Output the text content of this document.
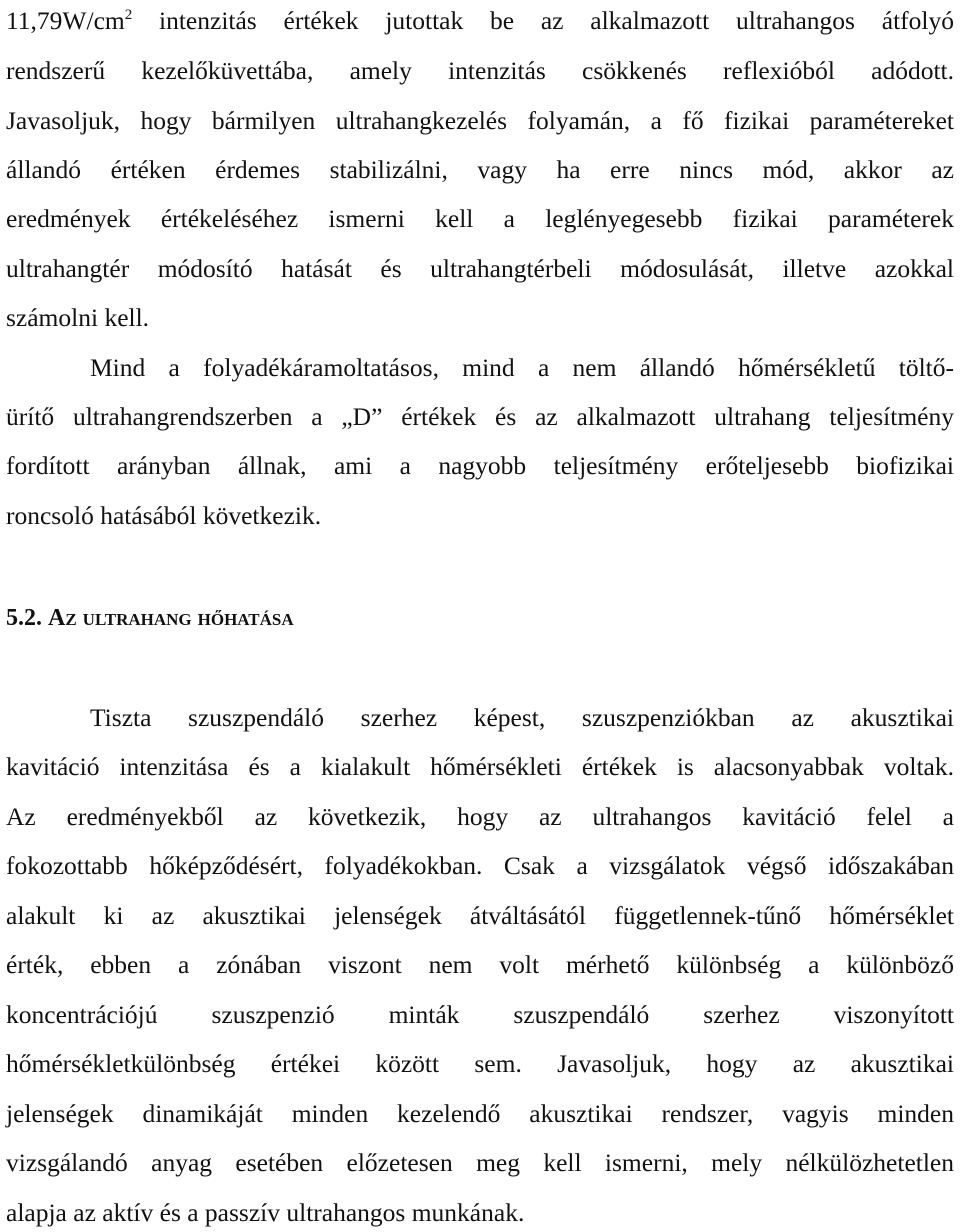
$11,79W/cm^2$ intenzitás értékek jutottak be az alkalmazott ultrahangos átfolyó
rendszerű kezelőküvettába, amely intenzitás csökkenés reflexióból adódott.
Javasoljuk, hogy bármilyen ultrahangkezelés folyamán, a fő fizikai paramétereket
állandó értéken érdemes stabilizálni, vagy ha erre nincs mód, akkor az
eredmények értékeléséhez ismerni kell a leglényegesebb fizikai paraméterek
ultrahangtér módosító hatását és ultrahangtérbeli módosulását, illetve azokkal
számolni kell.
Mind a folyadékáramoltatásos, mind a nem állandó hőmérsékletű töltő-
ürítő ultrahangrendszerben a „D” értékek és az alkalmazott ultrahang teljesítmény
fordított arányban állnak, ami a nagyobb teljesítmény erőteljesebb biofizikai
roncsoló hatásából következik.
5.2. Az ultrahang hőhatása
Tiszta szuszpendáló szerhez képest, szuszpenziókban az akusztikai
kavitáció intenzitása és a kialakult hőmérsékleti értékek is alacsonyabbak voltak.
Az eredményekből az következik, hogy az ultrahangos kavitáció felel a
fokozottabb hőképződésért, folyadékokban. Csak a vizsgálatok végső időszakában
alakult ki az akusztikai jelenségek átváltásától függetlennek-tűnő hőmérséklet
érték, ebben a zónában viszont nem volt mérhető különbség a különböző
koncentrációjú szuszpenzió minták szuszpendáló szerhez viszonyított
hőmérsékletkülönbség értékei között sem. Javasoljuk, hogy az akusztikai
jelenségek dinamikáját minden kezelendő akusztikai rendszer, vagyis minden
vizsgálandó anyag esetében előzetesen meg kell ismerni, mely nélkülözhetetlen
alapja az aktív és a passzív ultrahangos munkának.
